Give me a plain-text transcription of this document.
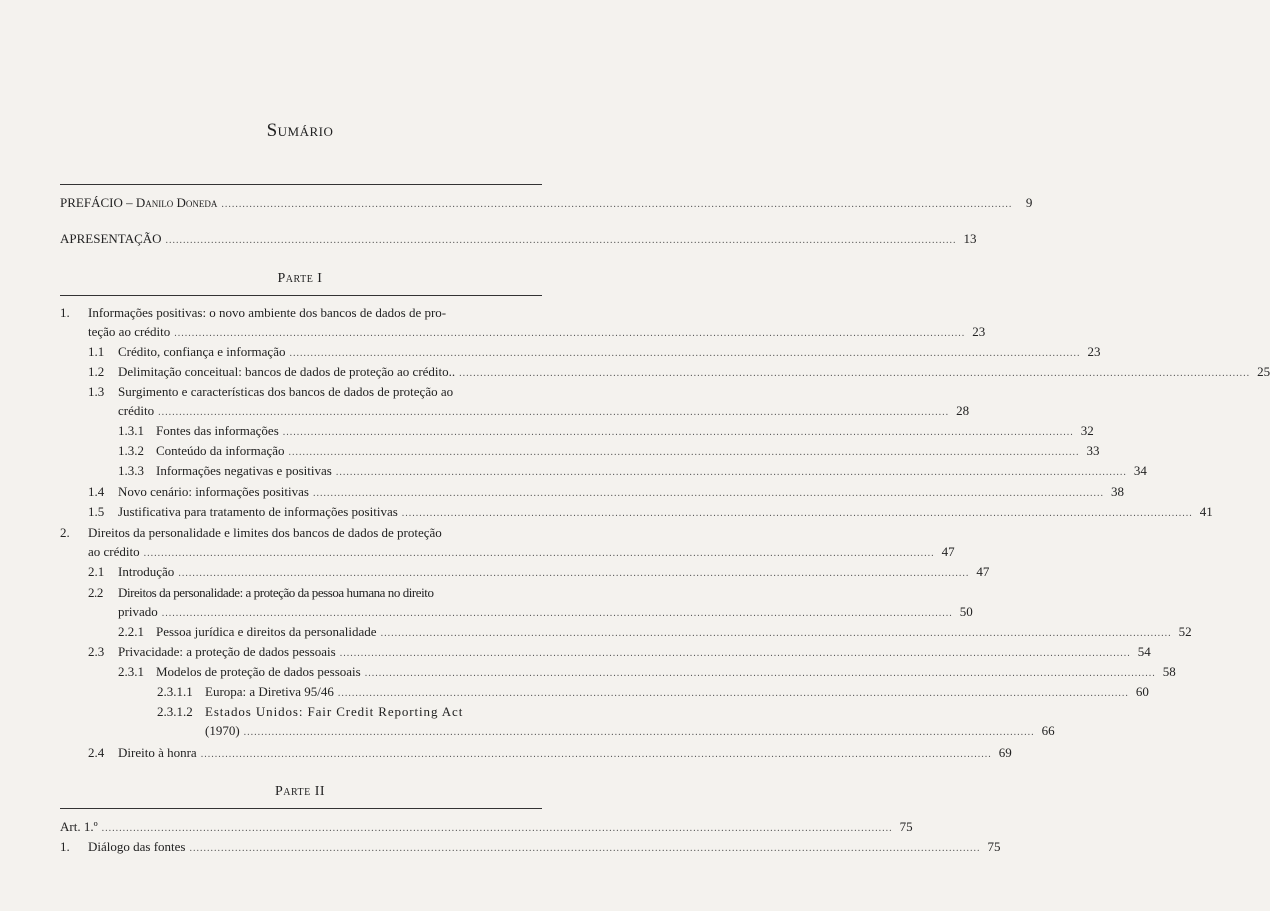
Sumário
PREFÁCIO – Danilo Doneda .....	9
APRESENTAÇÃO .....	13
Parte I
1. Informações positivas: o novo ambiente dos bancos de dados de pro-
teção ao crédito .....	23
1.1	Crédito, confiança e informação .....	23
1.2	Delimitação conceitual: bancos de dados de proteção ao crédito.. .....	25
1.3 Surgimento e características dos bancos de dados de proteção ao
crédito .....	28
1.3.1 Fontes das informações .....	32
1.3.2 Conteúdo da informação .....	33
1.3.3 Informações negativas e positivas .....	34
1.4	Novo cenário: informações positivas .....	38
1.5	Justificativa para tratamento de informações positivas .....	41
2. Direitos da personalidade e limites dos bancos de dados de proteção
ao crédito .....	47
2.1	Introdução .....	47
2.2 Direitos da personalidade: a proteção da pessoa humana no direito
privado .....	50
2.2.1 Pessoa jurídica e direitos da personalidade .....	52
2.3	Privacidade: a proteção de dados pessoais .....	54
2.3.1 Modelos de proteção de dados pessoais .....	58
2.3.1.1 Europa: a Diretiva 95/46 .....	60
2.3.1.2 Estados Unidos: Fair Credit Reporting Act
(1970) .....	66
2.4	Direito à honra .....	69
Parte II
Art. 1.º .....	75
1.	Diálogo das fontes .....	75
